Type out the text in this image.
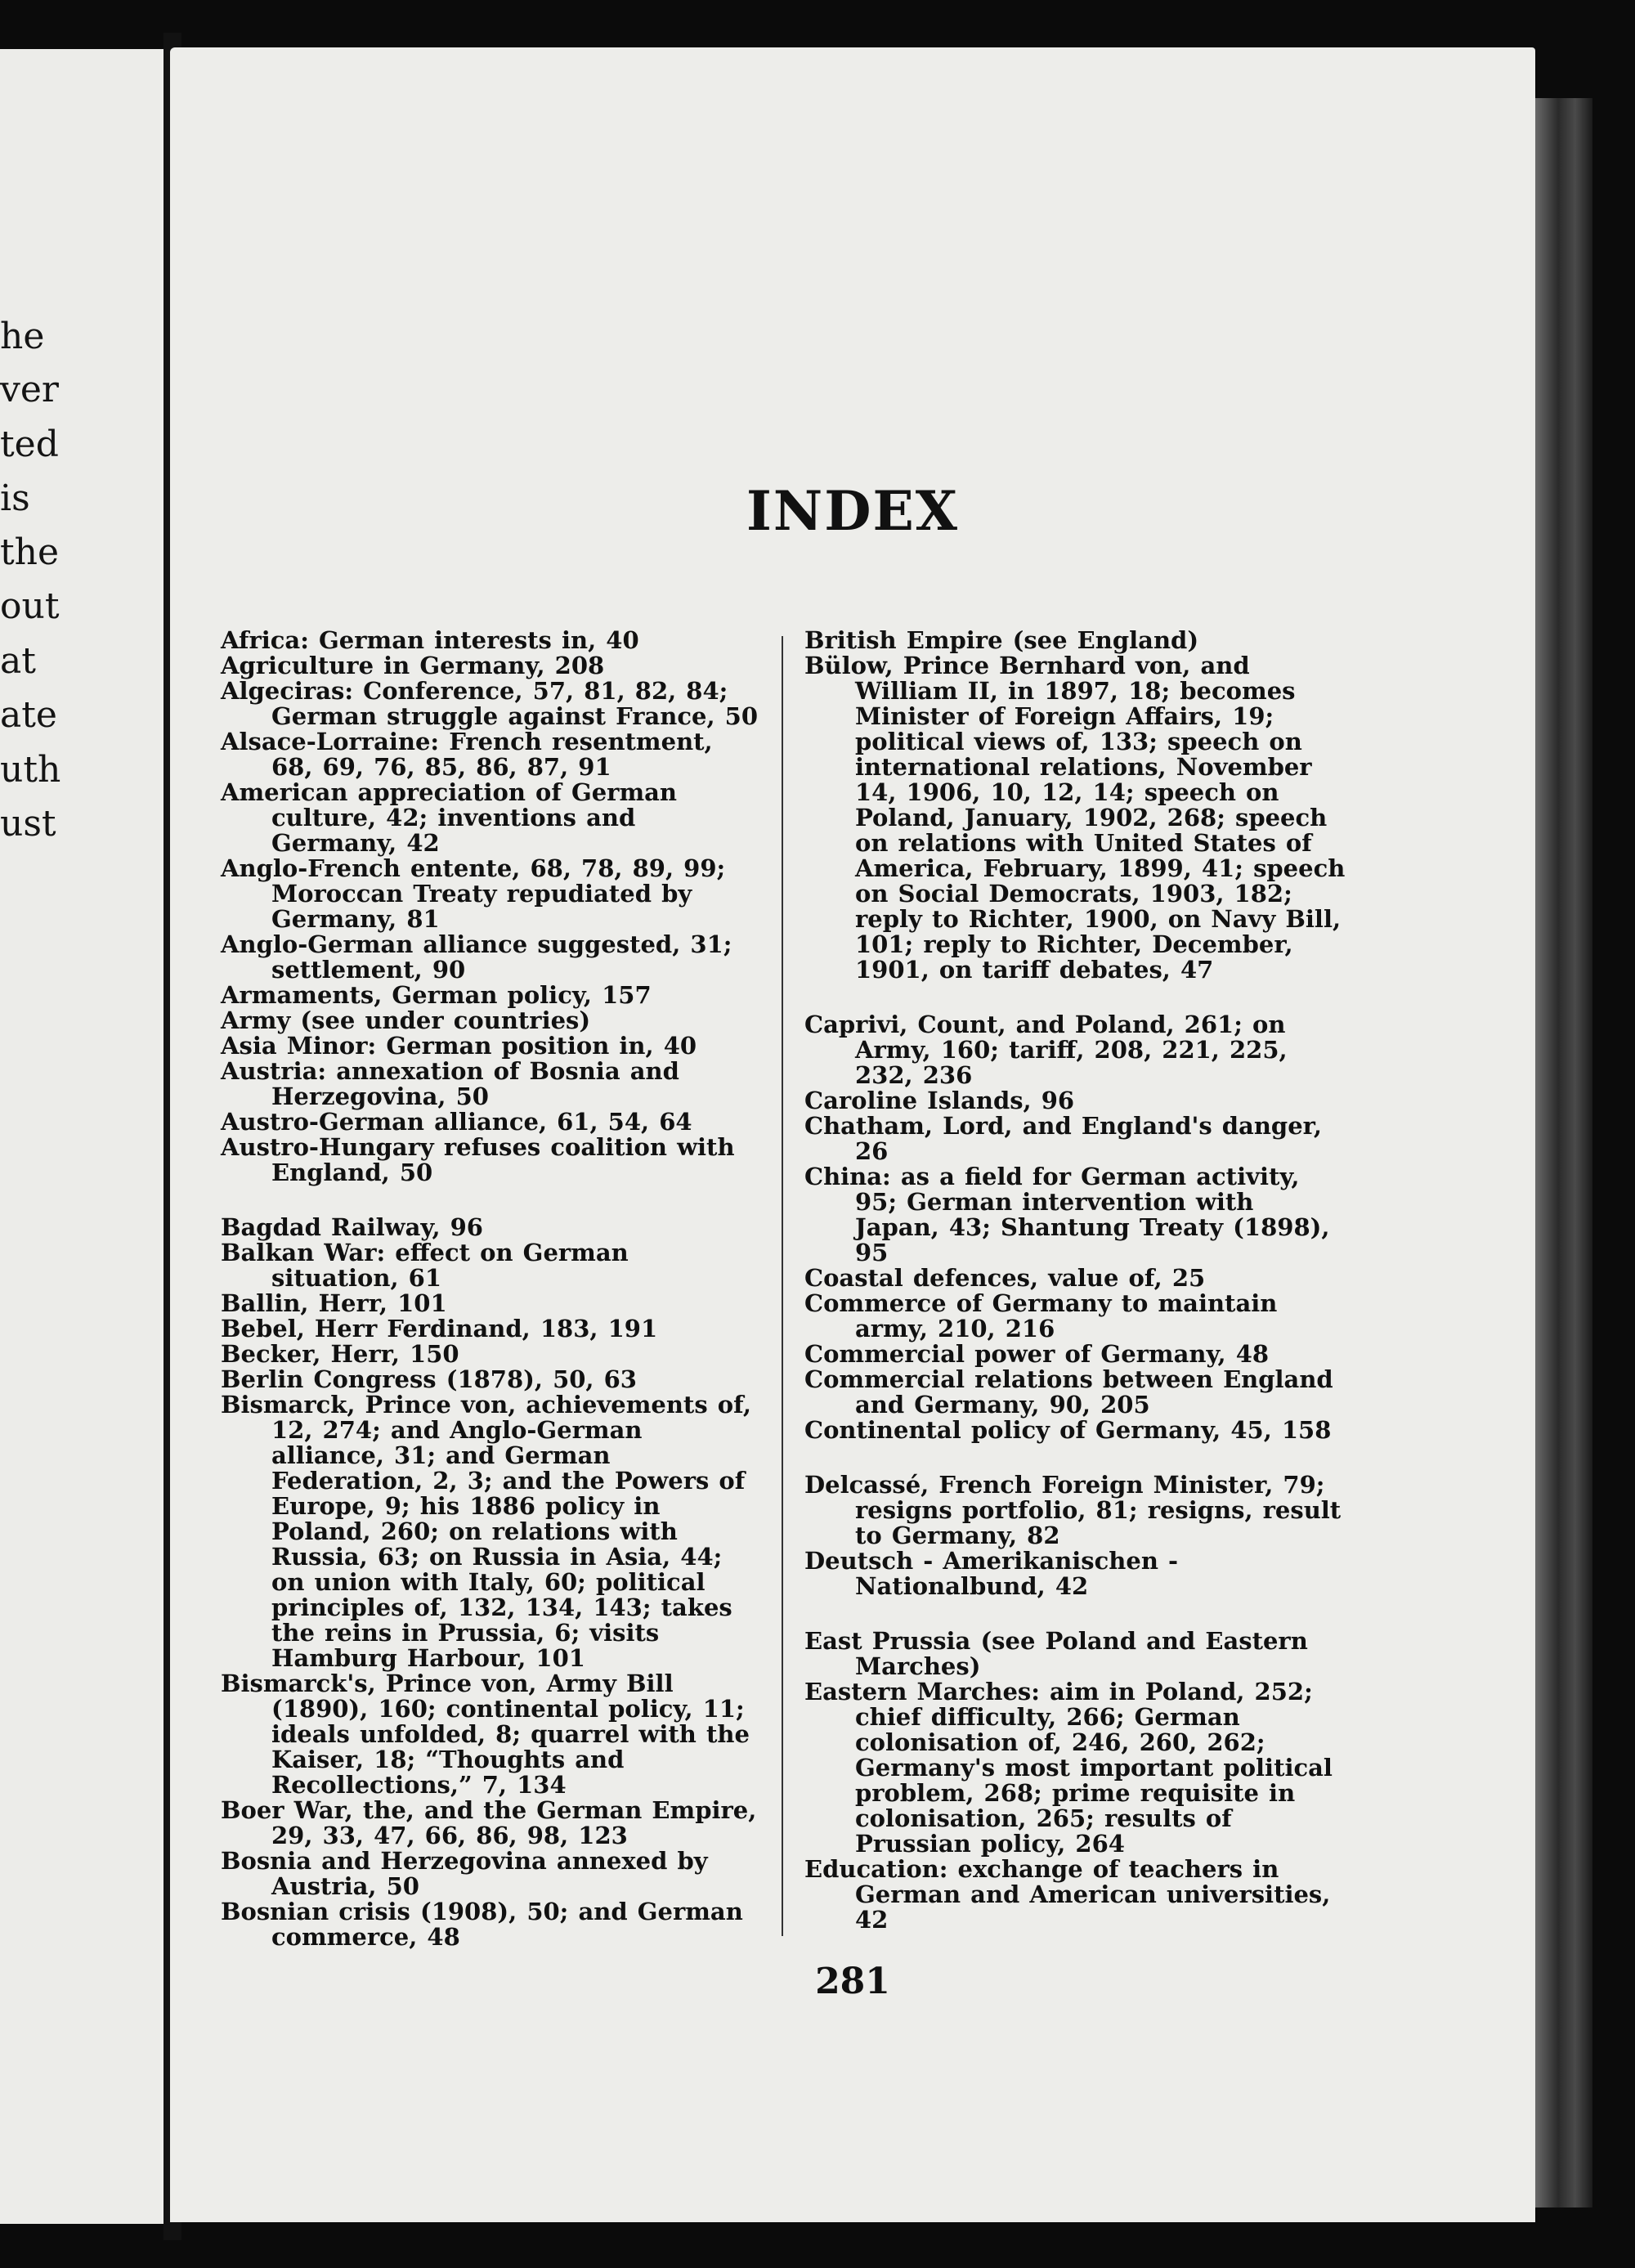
he
ver
ted
is
the
out
at
ate
uth
ust
INDEX

Africa: German interests in, 40

Agriculture in Germany, 208

Algeciras: Conference, 57, 81, 82, 84; German struggle against France, 50

Alsace-Lorraine: French resentment, 68, 69, 76, 85, 86, 87, 91

American appreciation of German culture, 42; inventions and Germany, 42

Anglo-French entente, 68, 78, 89, 99; Moroccan Treaty repudiated by Germany, 81

Anglo-German alliance suggested, 31; settlement, 90

Armaments, German policy, 157

Army (see under countries)

Asia Minor: German position in, 40

Austria: annexation of Bosnia and Herzegovina, 50

Austro-German alliance, 61, 54, 64

Austro-Hungary refuses coalition with England, 50

Bagdad Railway, 96

Balkan War: effect on German situation, 61

Ballin, Herr, 101

Bebel, Herr Ferdinand, 183, 191

Becker, Herr, 150

Berlin Congress (1878), 50, 63

Bismarck, Prince von, achievements of, 12, 274; and Anglo-German alliance, 31; and German Federation, 2, 3; and the Powers of Europe, 9; his 1886 policy in Poland, 260; on relations with Russia, 63; on Russia in Asia, 44; on union with Italy, 60; political principles of, 132, 134, 143; takes the reins in Prussia, 6; visits Hamburg Harbour, 101

Bismarck's, Prince von, Army Bill (1890), 160; continental policy, 11; ideals unfolded, 8; quarrel with the Kaiser, 18; “Thoughts and Recollections,” 7, 134

Boer War, the, and the German Empire, 29, 33, 47, 66, 86, 98, 123

Bosnia and Herzegovina annexed by Austria, 50

Bosnian crisis (1908), 50; and German commerce, 48

British Empire (see England)

Bülow, Prince Bernhard von, and William II, in 1897, 18; becomes Minister of Foreign Affairs, 19; political views of, 133; speech on international relations, November 14, 1906, 10, 12, 14; speech on Poland, January, 1902, 268; speech on relations with United States of America, February, 1899, 41; speech on Social Democrats, 1903, 182; reply to Richter, 1900, on Navy Bill, 101; reply to Richter, December, 1901, on tariff debates, 47

Caprivi, Count, and Poland, 261; on Army, 160; tariff, 208, 221, 225, 232, 236

Caroline Islands, 96

Chatham, Lord, and England's danger, 26

China: as a field for German activity, 95; German intervention with Japan, 43; Shantung Treaty (1898), 95

Coastal defences, value of, 25

Commerce of Germany to maintain army, 210, 216

Commercial power of Germany, 48

Commercial relations between England and Germany, 90, 205

Continental policy of Germany, 45, 158

Delcassé, French Foreign Minister, 79; resigns portfolio, 81; resigns, result to Germany, 82

Deutsch - Amerikanischen - Nationalbund, 42

East Prussia (see Poland and Eastern Marches)

Eastern Marches: aim in Poland, 252; chief difficulty, 266; German colonisation of, 246, 260, 262; Germany's most important political problem, 268; prime requisite in colonisation, 265; results of Prussian policy, 264

Education: exchange of teachers in German and American universities, 42

281
